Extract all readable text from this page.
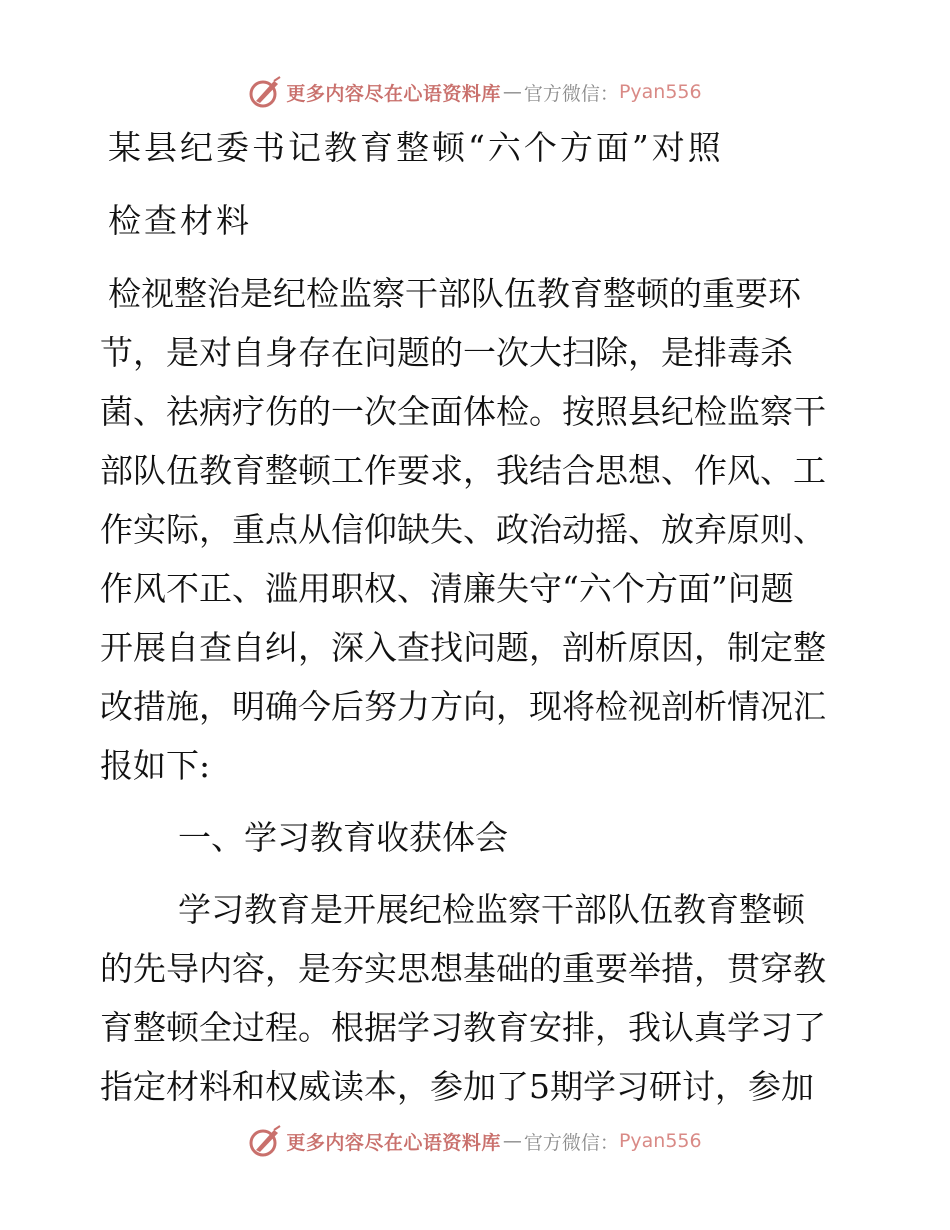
更多内容尽在心语资料库 — 官方微信： Pyan556
某县纪委书记教育整顿“六个方面”对照
检查材料
检视整治是纪检监察干部队伍教育整顿的重要环
节，是对自身存在问题的一次大扫除，是排毒杀
菌、祛病疗伤的一次全面体检。按照县纪检监察干
部队伍教育整顿工作要求，我结合思想、作风、工
作实际，重点从信仰缺失、政治动摇、放弃原则、
作风不正、滥用职权、清廉失守“六个方面”问题
开展自查自纠，深入查找问题，剖析原因，制定整
改措施，明确今后努力方向，现将检视剖析情况汇
报如下:
一、学习教育收获体会
学习教育是开展纪检监察干部队伍教育整顿
的先导内容，是夯实思想基础的重要举措，贯穿教
育整顿全过程。根据学习教育安排，我认真学习了
指定材料和权威读本，参加了5期学习研讨，参加
更多内容尽在心语资料库 — 官方微信： Pyan556
